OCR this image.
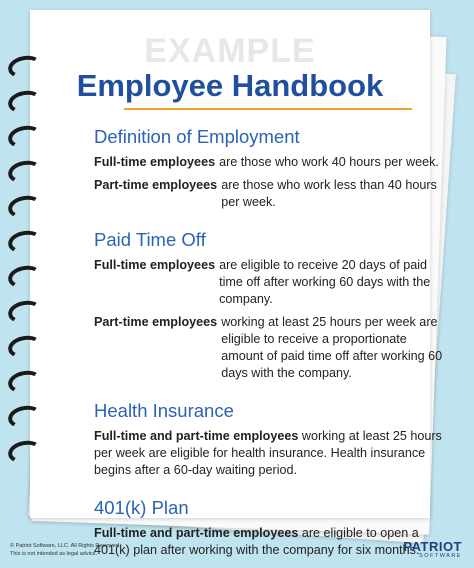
EXAMPLE
Employee Handbook
Definition of Employment
Full-time employees are those who work 40 hours per week.
Part-time employees are those who work less than 40 hours per week.
Paid Time Off
Full-time employees are eligible to receive 20 days of paid time off after working 60 days with the company.
Part-time employees working at least 25 hours per week are eligible to receive a proportionate amount of paid time off after working 60 days with the company.
Health Insurance
Full-time and part-time employees working at least 25 hours per week are eligible for health insurance. Health insurance begins after a 60-day waiting period.
401(k) Plan
Full-time and part-time employees are eligible to open a 401(k) plan after working with the company for six months.
© Patriot Software, LLC. All Rights Reserved.
This is not intended as legal advice.	PATRIOT
SOFTWARE
